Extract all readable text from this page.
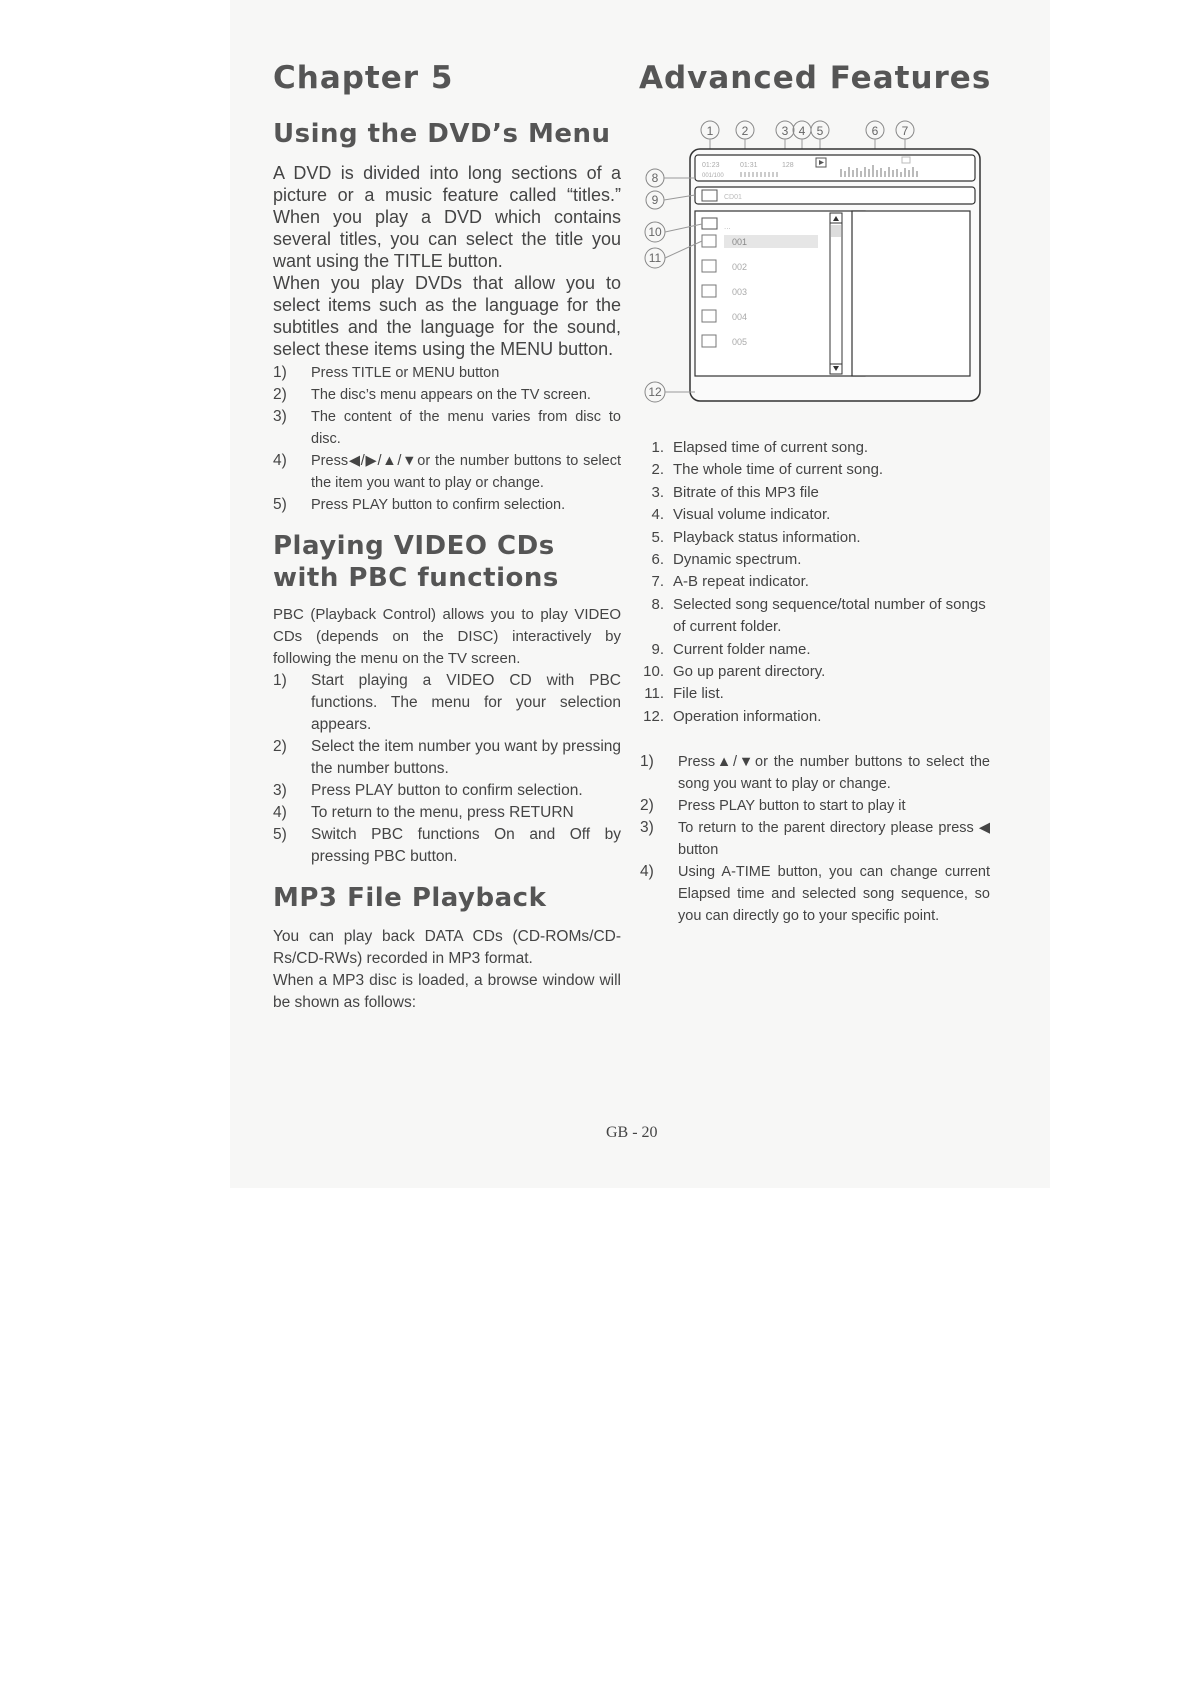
Chapter 5	Advanced Features
Using the DVD’s Menu

A DVD is divided into long sections of a picture or a music feature called “titles.” When you play a DVD which contains several titles, you can select the title you want using the TITLE button.

When you play DVDs that allow you to select items such as the language for the subtitles and the language for the sound, select these items using the MENU button.

1) Press TITLE or MENU button
2) The disc’s menu appears on the TV screen.
3) The content of the menu varies from disc to disc.
4) Press◀/▶/▲/▼or the number buttons to select the item you want to play or change.
5) Press PLAY button to confirm selection.
Playing VIDEO CDs with PBC functions

PBC (Playback Control) allows you to play VIDEO CDs (depends on the DISC) interactively by following the menu on the TV screen.

1) Start playing a VIDEO CD with PBC functions. The menu for your selection appears.
2) Select the item number you want by pressing the number buttons.
3) Press PLAY button to confirm selection.
4) To return to the menu, press RETURN
5) Switch PBC functions On and Off by pressing PBC button.
MP3 File Playback

You can play back DATA CDs (CD-ROMs/CD-Rs/CD-RWs) recorded in MP3 format.

When a MP3 disc is loaded, a browse window will be shown as follows:

1 2	3 4 5	6 7
01:23	01:31	128
001/100
CD01
...
001
002
003
004
005
8
9
10
11
12
1. Elapsed time of current song.
2. The whole time of current song.
3. Bitrate of this MP3 file
4. Visual volume indicator.
5. Playback status information.
6. Dynamic spectrum.
7. A-B repeat indicator.
8. Selected song sequence/total number of songs of current folder.
9. Current folder name.
10. Go up parent directory.
11. File list.
12. Operation information.
1) Press▲/▼or the number buttons to select the song you want to play or change.
2) Press PLAY button to start to play it
3) To return to the parent directory please press ◀ button
4) Using A-TIME button, you can change current Elapsed time and selected song sequence, so you can directly go to your specific point.
GB - 20
